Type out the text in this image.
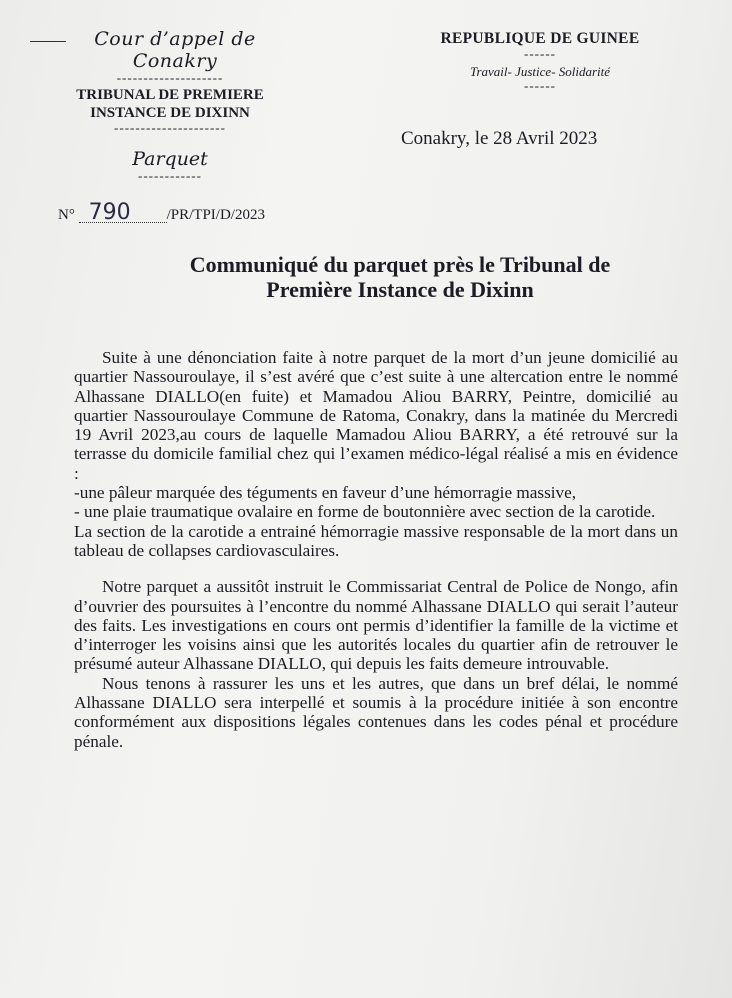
Cour d’appel de Conakry
--------------------
TRIBUNAL DE PREMIERE
INSTANCE DE DIXINN
---------------------
Parquet
------------
REPUBLIQUE DE GUINEE
------
Travail- Justice- Solidarité
------
Conakry, le 28 Avril 2023
N° 790 /PR/TPI/D/2023
Communiqué du parquet près le Tribunal de
Première Instance de Dixinn

Suite à une dénonciation faite à notre parquet de la mort d’un jeune domicilié au quartier Nassouroulaye, il s’est avéré que c’est suite à une altercation entre le nommé Alhassane DIALLO(en fuite) et Mamadou Aliou BARRY, Peintre, domicilié au quartier Nassouroulaye Commune de Ratoma, Conakry, dans la matinée du Mercredi 19 Avril 2023,au cours de laquelle Mamadou Aliou BARRY, a été retrouvé sur la terrasse du domicile familial chez qui l’examen médico-légal réalisé a mis en évidence :

-une pâleur marquée des téguments en faveur d’une hémorragie massive,

- une plaie traumatique ovalaire en forme de boutonnière avec section de la carotide.

La section de la carotide a entrainé hémorragie massive responsable de la mort dans un tableau de collapses cardiovasculaires.

Notre parquet a aussitôt instruit le Commissariat Central de Police de Nongo, afin d’ouvrier des poursuites à l’encontre du nommé Alhassane DIALLO qui serait l’auteur des faits. Les investigations en cours ont permis d’identifier la famille de la victime et d’interroger les voisins ainsi que les autorités locales du quartier afin de retrouver le présumé auteur Alhassane DIALLO, qui depuis les faits demeure introuvable.

Nous tenons à rassurer les uns et les autres, que dans un bref délai, le nommé Alhassane DIALLO sera interpellé et soumis à la procédure initiée à son encontre conformément aux dispositions légales contenues dans les codes pénal et procédure pénale.
